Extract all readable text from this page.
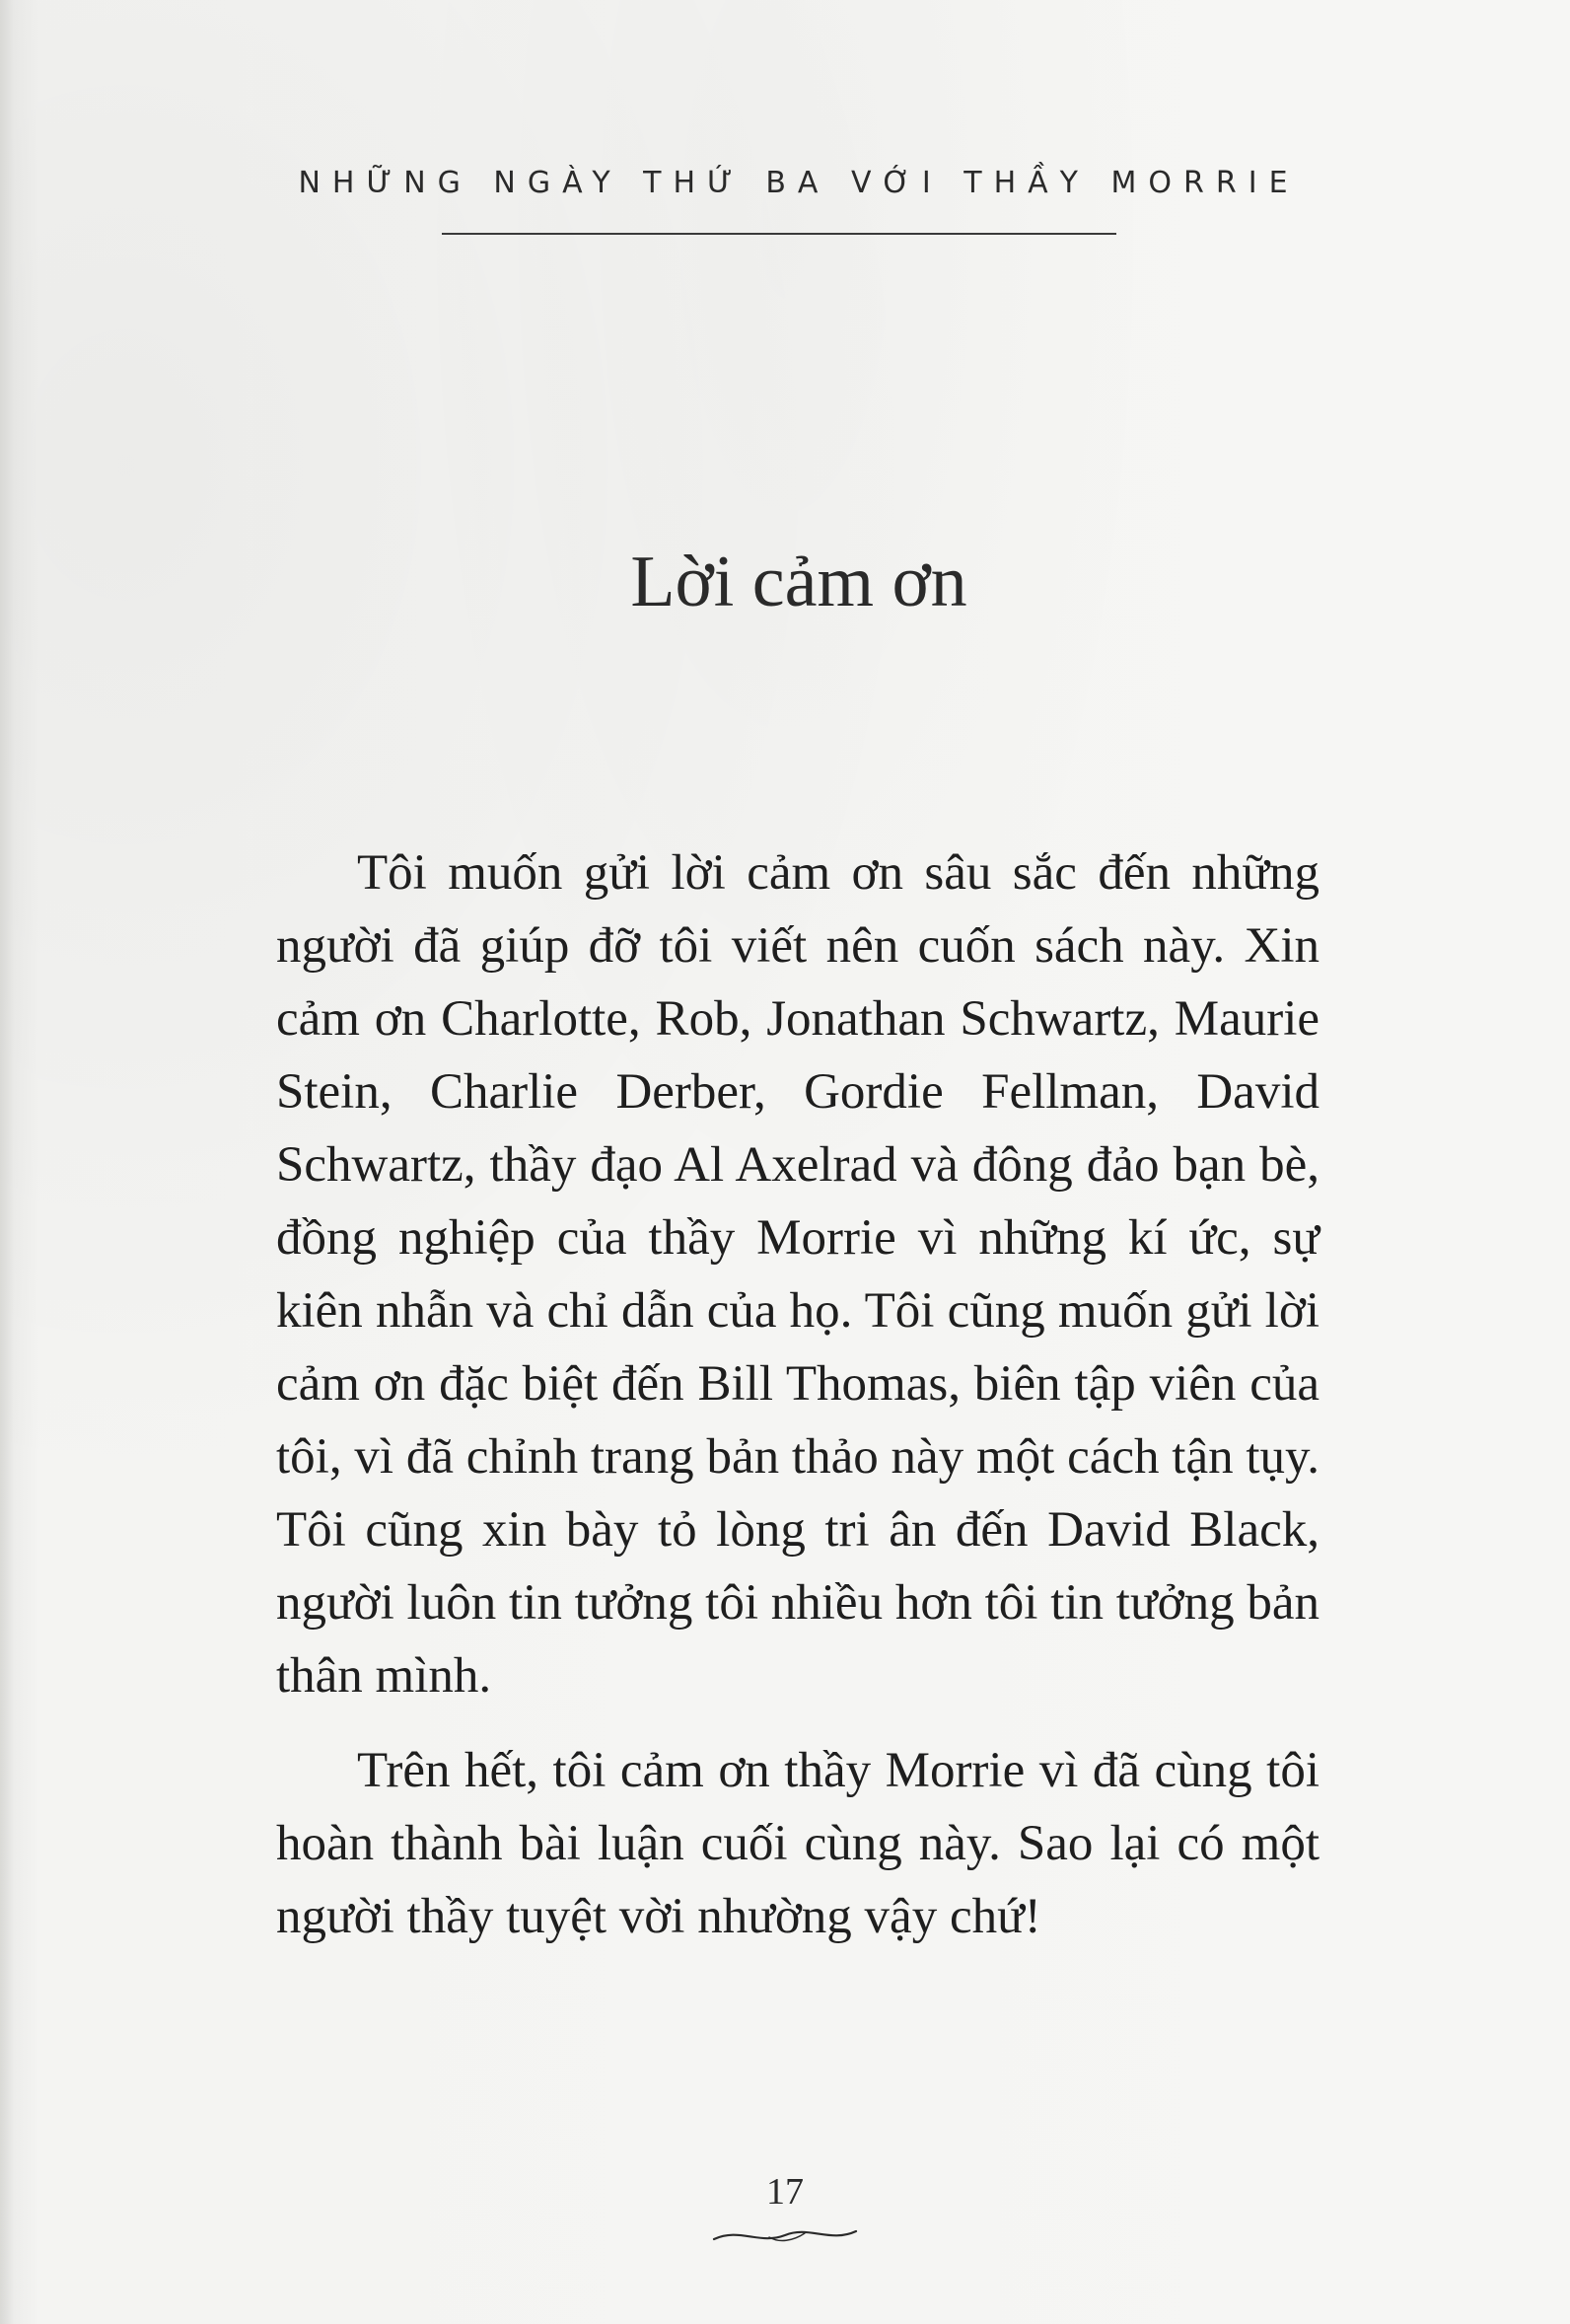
NHỮNG NGÀY THỨ BA VỚI THẦY MORRIE
Lời cảm ơn

Tôi muốn gửi lời cảm ơn sâu sắc đến những người đã giúp đỡ tôi viết nên cuốn sách này. Xin cảm ơn Charlotte, Rob, Jonathan Schwartz, Maurie Stein, Charlie Derber, Gordie Fellman, David Schwartz, thầy đạo Al Axelrad và đông đảo bạn bè, đồng nghiệp của thầy Morrie vì những kí ức, sự kiên nhẫn và chỉ dẫn của họ. Tôi cũng muốn gửi lời cảm ơn đặc biệt đến Bill Thomas, biên tập viên của tôi, vì đã chỉnh trang bản thảo này một cách tận tụy. Tôi cũng xin bày tỏ lòng tri ân đến David Black, người luôn tin tưởng tôi nhiều hơn tôi tin tưởng bản thân mình.

Trên hết, tôi cảm ơn thầy Morrie vì đã cùng tôi hoàn thành bài luận cuối cùng này. Sao lại có một người thầy tuyệt vời nhường vậy chứ!

17
